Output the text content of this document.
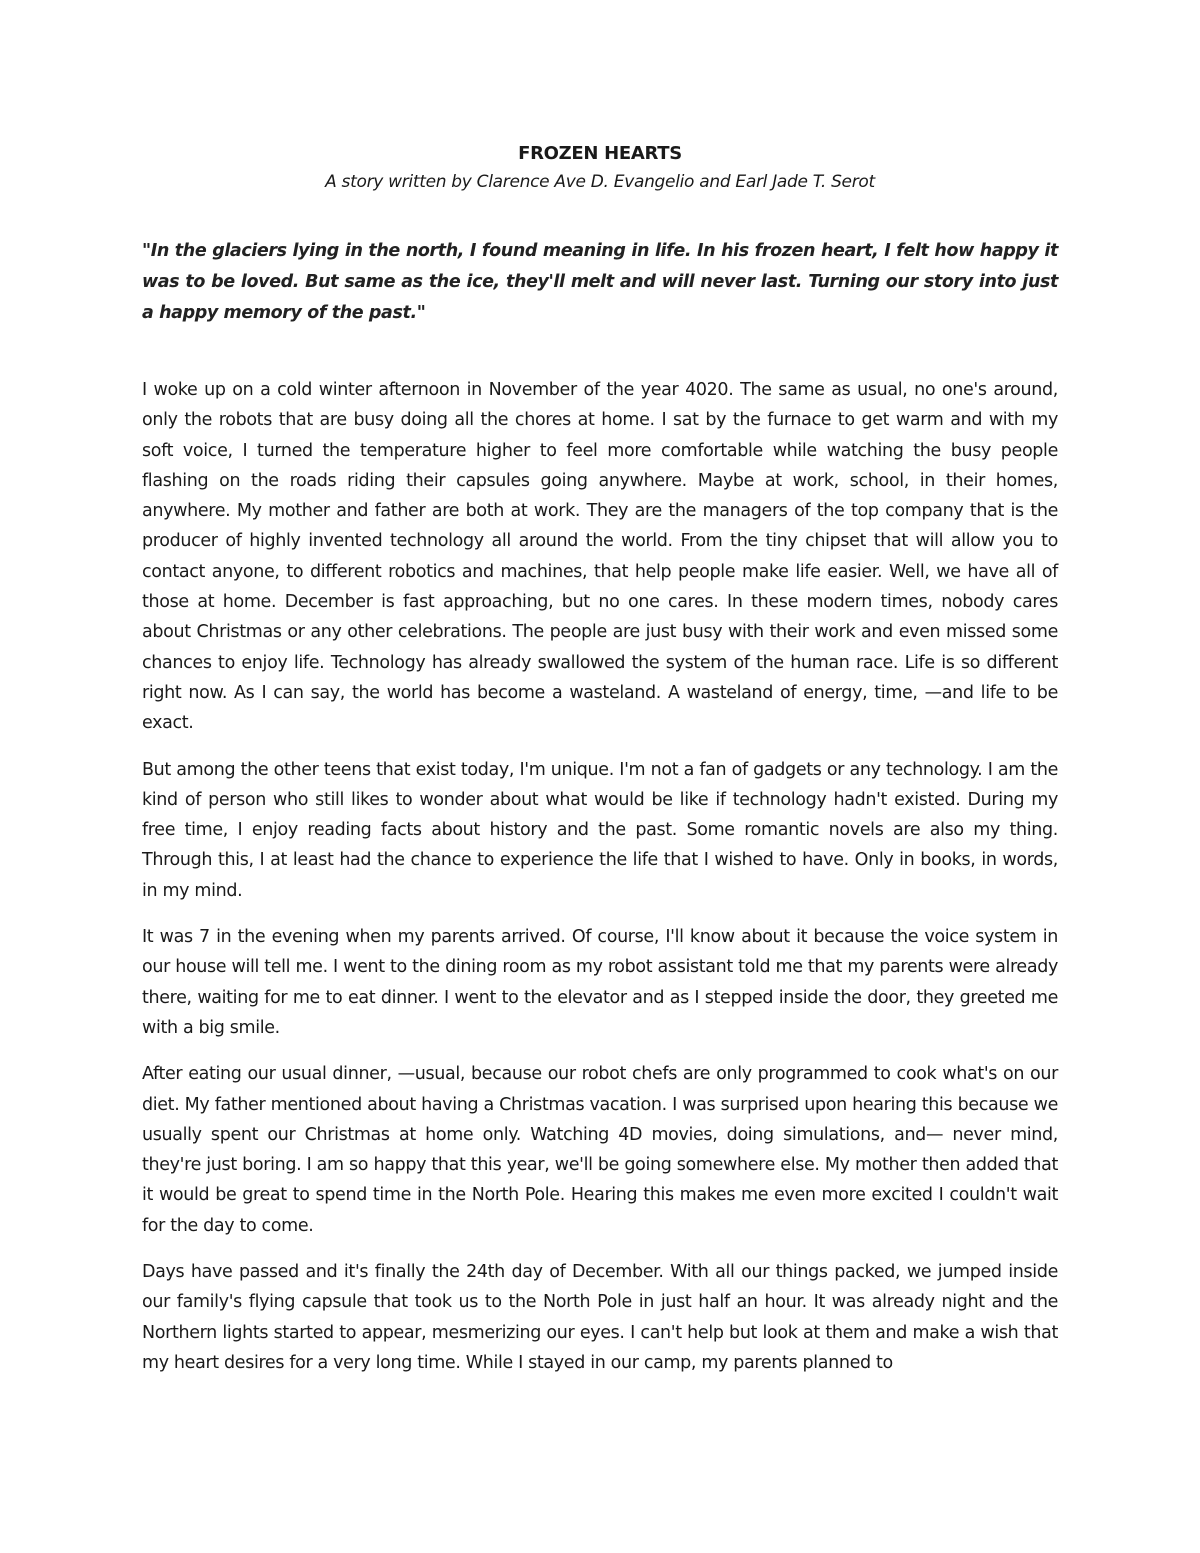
FROZEN HEARTS

A story written by Clarence Ave D. Evangelio and Earl Jade T. Serot

"In the glaciers lying in the north, I found meaning in life. In his frozen heart, I felt how happy it was to be loved. But same as the ice, they'll melt and will never last. Turning our story into just a happy memory of the past."

I woke up on a cold winter afternoon in November of the year 4020. The same as usual, no one's around, only the robots that are busy doing all the chores at home. I sat by the furnace to get warm and with my soft voice, I turned the temperature higher to feel more comfortable while watching the busy people flashing on the roads riding their capsules going anywhere. Maybe at work, school, in their homes, anywhere. My mother and father are both at work. They are the managers of the top company that is the producer of highly invented technology all around the world. From the tiny chipset that will allow you to contact anyone, to different robotics and machines, that help people make life easier. Well, we have all of those at home. December is fast approaching, but no one cares. In these modern times, nobody cares about Christmas or any other celebrations. The people are just busy with their work and even missed some chances to enjoy life. Technology has already swallowed the system of the human race. Life is so different right now. As I can say, the world has become a wasteland. A wasteland of energy, time, —and life to be exact.

But among the other teens that exist today, I'm unique. I'm not a fan of gadgets or any technology. I am the kind of person who still likes to wonder about what would be like if technology hadn't existed. During my free time, I enjoy reading facts about history and the past. Some romantic novels are also my thing. Through this, I at least had the chance to experience the life that I wished to have. Only in books, in words, in my mind.

It was 7 in the evening when my parents arrived. Of course, I'll know about it because the voice system in our house will tell me. I went to the dining room as my robot assistant told me that my parents were already there, waiting for me to eat dinner. I went to the elevator and as I stepped inside the door, they greeted me with a big smile.

After eating our usual dinner, —usual, because our robot chefs are only programmed to cook what's on our diet. My father mentioned about having a Christmas vacation. I was surprised upon hearing this because we usually spent our Christmas at home only. Watching 4D movies, doing simulations, and— never mind, they're just boring. I am so happy that this year, we'll be going somewhere else. My mother then added that it would be great to spend time in the North Pole. Hearing this makes me even more excited I couldn't wait for the day to come.

Days have passed and it's finally the 24th day of December. With all our things packed, we jumped inside our family's flying capsule that took us to the North Pole in just half an hour. It was already night and the Northern lights started to appear, mesmerizing our eyes. I can't help but look at them and make a wish that my heart desires for a very long time. While I stayed in our camp, my parents planned to
